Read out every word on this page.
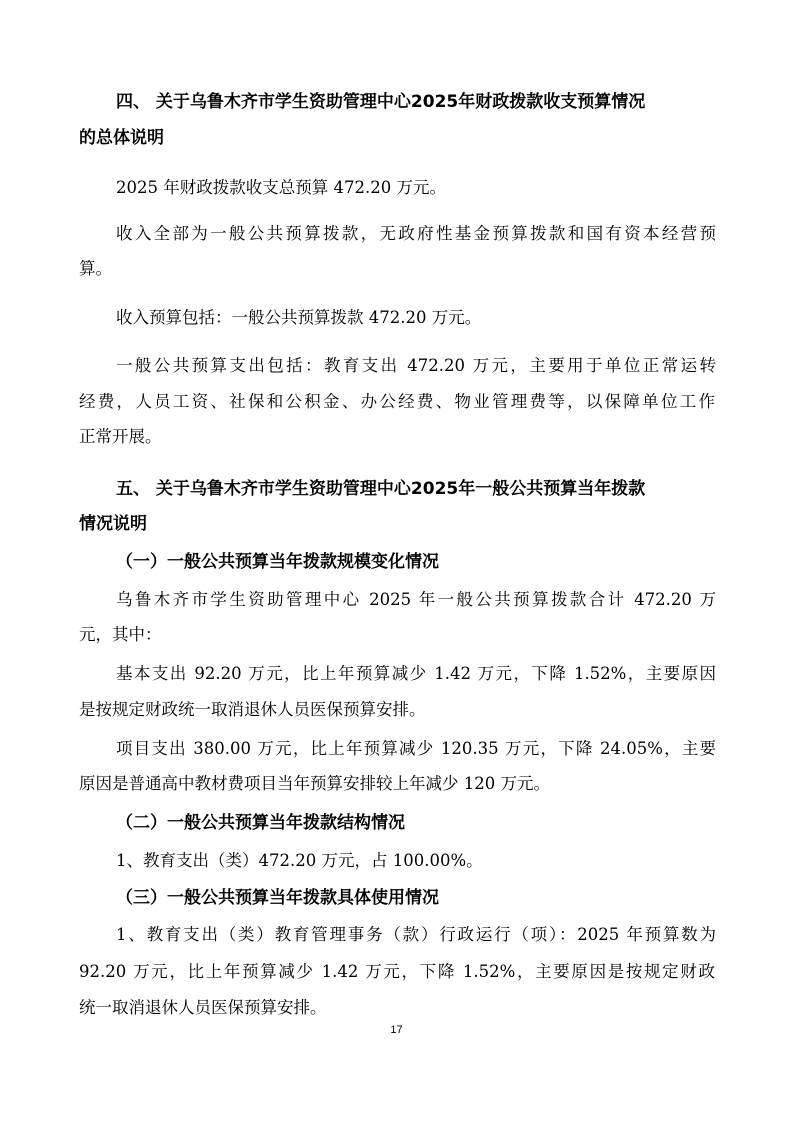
四、 关于乌鲁木齐市学生资助管理中心2025年财政拨款收支预算情况
的总体说明
2025 年财政拨款收支总预算 472.20 万元。
收入全部为一般公共预算拨款，无政府性基金预算拨款和国有资本经营预
算。
收入预算包括：一般公共预算拨款 472.20 万元。
一般公共预算支出包括：教育支出 472.20 万元，主要用于单位正常运转
经费，人员工资、社保和公积金、办公经费、物业管理费等，以保障单位工作
正常开展。
五、 关于乌鲁木齐市学生资助管理中心2025年一般公共预算当年拨款
情况说明
（一）一般公共预算当年拨款规模变化情况
乌鲁木齐市学生资助管理中心 2025 年一般公共预算拨款合计 472.20 万
元，其中：
基本支出 92.20 万元，比上年预算减少 1.42 万元，下降 1.52%，主要原因
是按规定财政统一取消退休人员医保预算安排。
项目支出 380.00 万元，比上年预算减少 120.35 万元，下降 24.05%，主要
原因是普通高中教材费项目当年预算安排较上年减少 120 万元。
（二）一般公共预算当年拨款结构情况
1、教育支出（类）472.20 万元，占 100.00%。
（三）一般公共预算当年拨款具体使用情况
1、教育支出（类）教育管理事务（款）行政运行（项）：2025 年预算数为
92.20 万元，比上年预算减少 1.42 万元，下降 1.52%，主要原因是按规定财政
统一取消退休人员医保预算安排。
17
